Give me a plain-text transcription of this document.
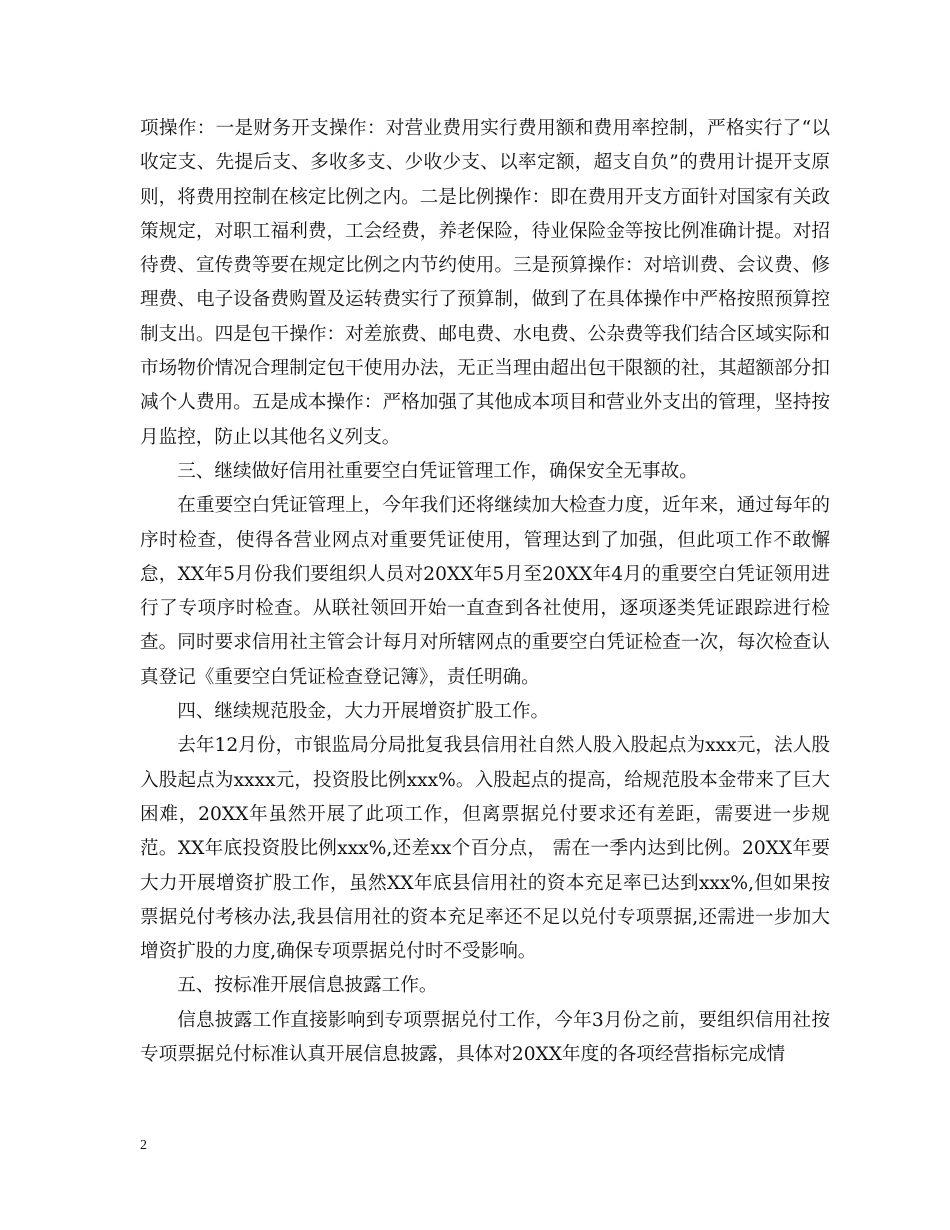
项操作：一是财务开支操作：对营业费用实行费用额和费用率控制，严格实行了“以收定支、先提后支、多收多支、少收少支、以率定额，超支自负”的费用计提开支原则，将费用控制在核定比例之内。二是比例操作：即在费用开支方面针对国家有关政策规定，对职工福利费，工会经费，养老保险，待业保险金等按比例准确计提。对招待费、宣传费等要在规定比例之内节约使用。三是预算操作：对培训费、会议费、修理费、电子设备费购置及运转费实行了预算制，做到了在具体操作中严格按照预算控制支出。四是包干操作：对差旅费、邮电费、水电费、公杂费等我们结合区域实际和市场物价情况合理制定包干使用办法，无正当理由超出包干限额的社，其超额部分扣减个人费用。五是成本操作：严格加强了其他成本项目和营业外支出的管理，坚持按月监控，防止以其他名义列支。

三、继续做好信用社重要空白凭证管理工作，确保安全无事故。

在重要空白凭证管理上，今年我们还将继续加大检查力度，近年来，通过每年的序时检查，使得各营业网点对重要凭证使用，管理达到了加强，但此项工作不敢懈怠，XX年5月份我们要组织人员对20XX年5月至20XX年4月的重要空白凭证领用进行了专项序时检查。从联社领回开始一直查到各社使用，逐项逐类凭证跟踪进行检查。同时要求信用社主管会计每月对所辖网点的重要空白凭证检查一次，每次检查认真登记《重要空白凭证检查登记簿》，责任明确。

四、继续规范股金，大力开展增资扩股工作。

去年12月份，市银监局分局批复我县信用社自然人股入股起点为xxx元，法人股入股起点为xxxx元，投资股比例xxx%。入股起点的提高，给规范股本金带来了巨大困难，20XX年虽然开展了此项工作，但离票据兑付要求还有差距，需要进一步规范。XX年底投资股比例xxx%,还差xx个百分点， 需在一季内达到比例。20XX年要大力开展增资扩股工作，虽然XX年底县信用社的资本充足率已达到xxx%,但如果按票据兑付考核办法,我县信用社的资本充足率还不足以兑付专项票据,还需进一步加大增资扩股的力度,确保专项票据兑付时不受影响。

五、按标准开展信息披露工作。

信息披露工作直接影响到专项票据兑付工作，今年3月份之前，要组织信用社按专项票据兑付标准认真开展信息披露，具体对20XX年度的各项经营指标完成情

2
